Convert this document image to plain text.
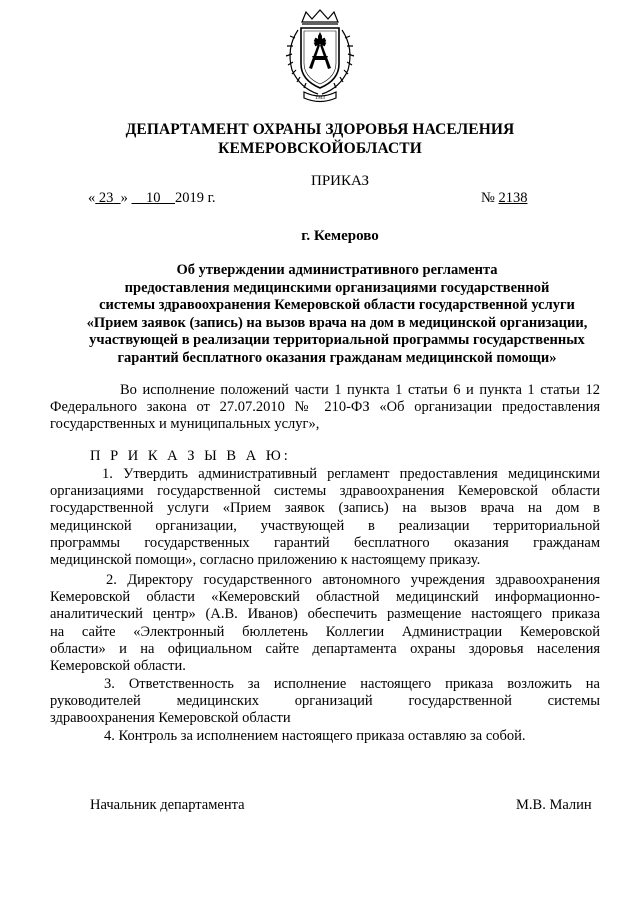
1943
ДЕПАРТАМЕНТ ОХРАНЫ ЗДОРОВЬЯ НАСЕЛЕНИЯ
КЕМЕРОВСКОЙОБЛАСТИ
ПРИКАЗ
« 23 » 10 2019 г.	№ 2138
г. Кемерово
Об утверждении административного регламента
предоставления медицинскими организациями государственной
системы здравоохранения Кемеровской области государственной услуги
«Прием заявок (запись) на вызов врача на дом в медицинской организации,
участвующей в реализации территориальной программы государственных
гарантий бесплатного оказания гражданам медицинской помощи»
Во исполнение положений части 1 пункта 1 статьи 6 и пункта 1 статьи 12
Федерального закона от 27.07.2010 № 210-ФЗ «Об организации предоставления
государственных и муниципальных услуг»,
П Р И К А З Ы В А Ю:
1. Утвердить административный регламент предоставления медицинскими
организациями государственной системы здравоохранения Кемеровской области
государственной услуги «Прием заявок (запись) на вызов врача на дом в
медицинской организации, участвующей в реализации территориальной
программы государственных гарантий бесплатного оказания гражданам
медицинской помощи», согласно приложению к настоящему приказу.
2. Директору государственного автономного учреждения здравоохранения
Кемеровской области «Кемеровский областной медицинский информационно-
аналитический центр» (А.В. Иванов) обеспечить размещение настоящего приказа
на сайте «Электронный бюллетень Коллегии Администрации Кемеровской
области» и на официальном сайте департамента охраны здоровья населения
Кемеровской области.
3. Ответственность за исполнение настоящего приказа возложить на
руководителей медицинских организаций государственной системы
здравоохранения Кемеровской области
4. Контроль за исполнением настоящего приказа оставляю за собой.
Начальник департамента	М.В. Малин
